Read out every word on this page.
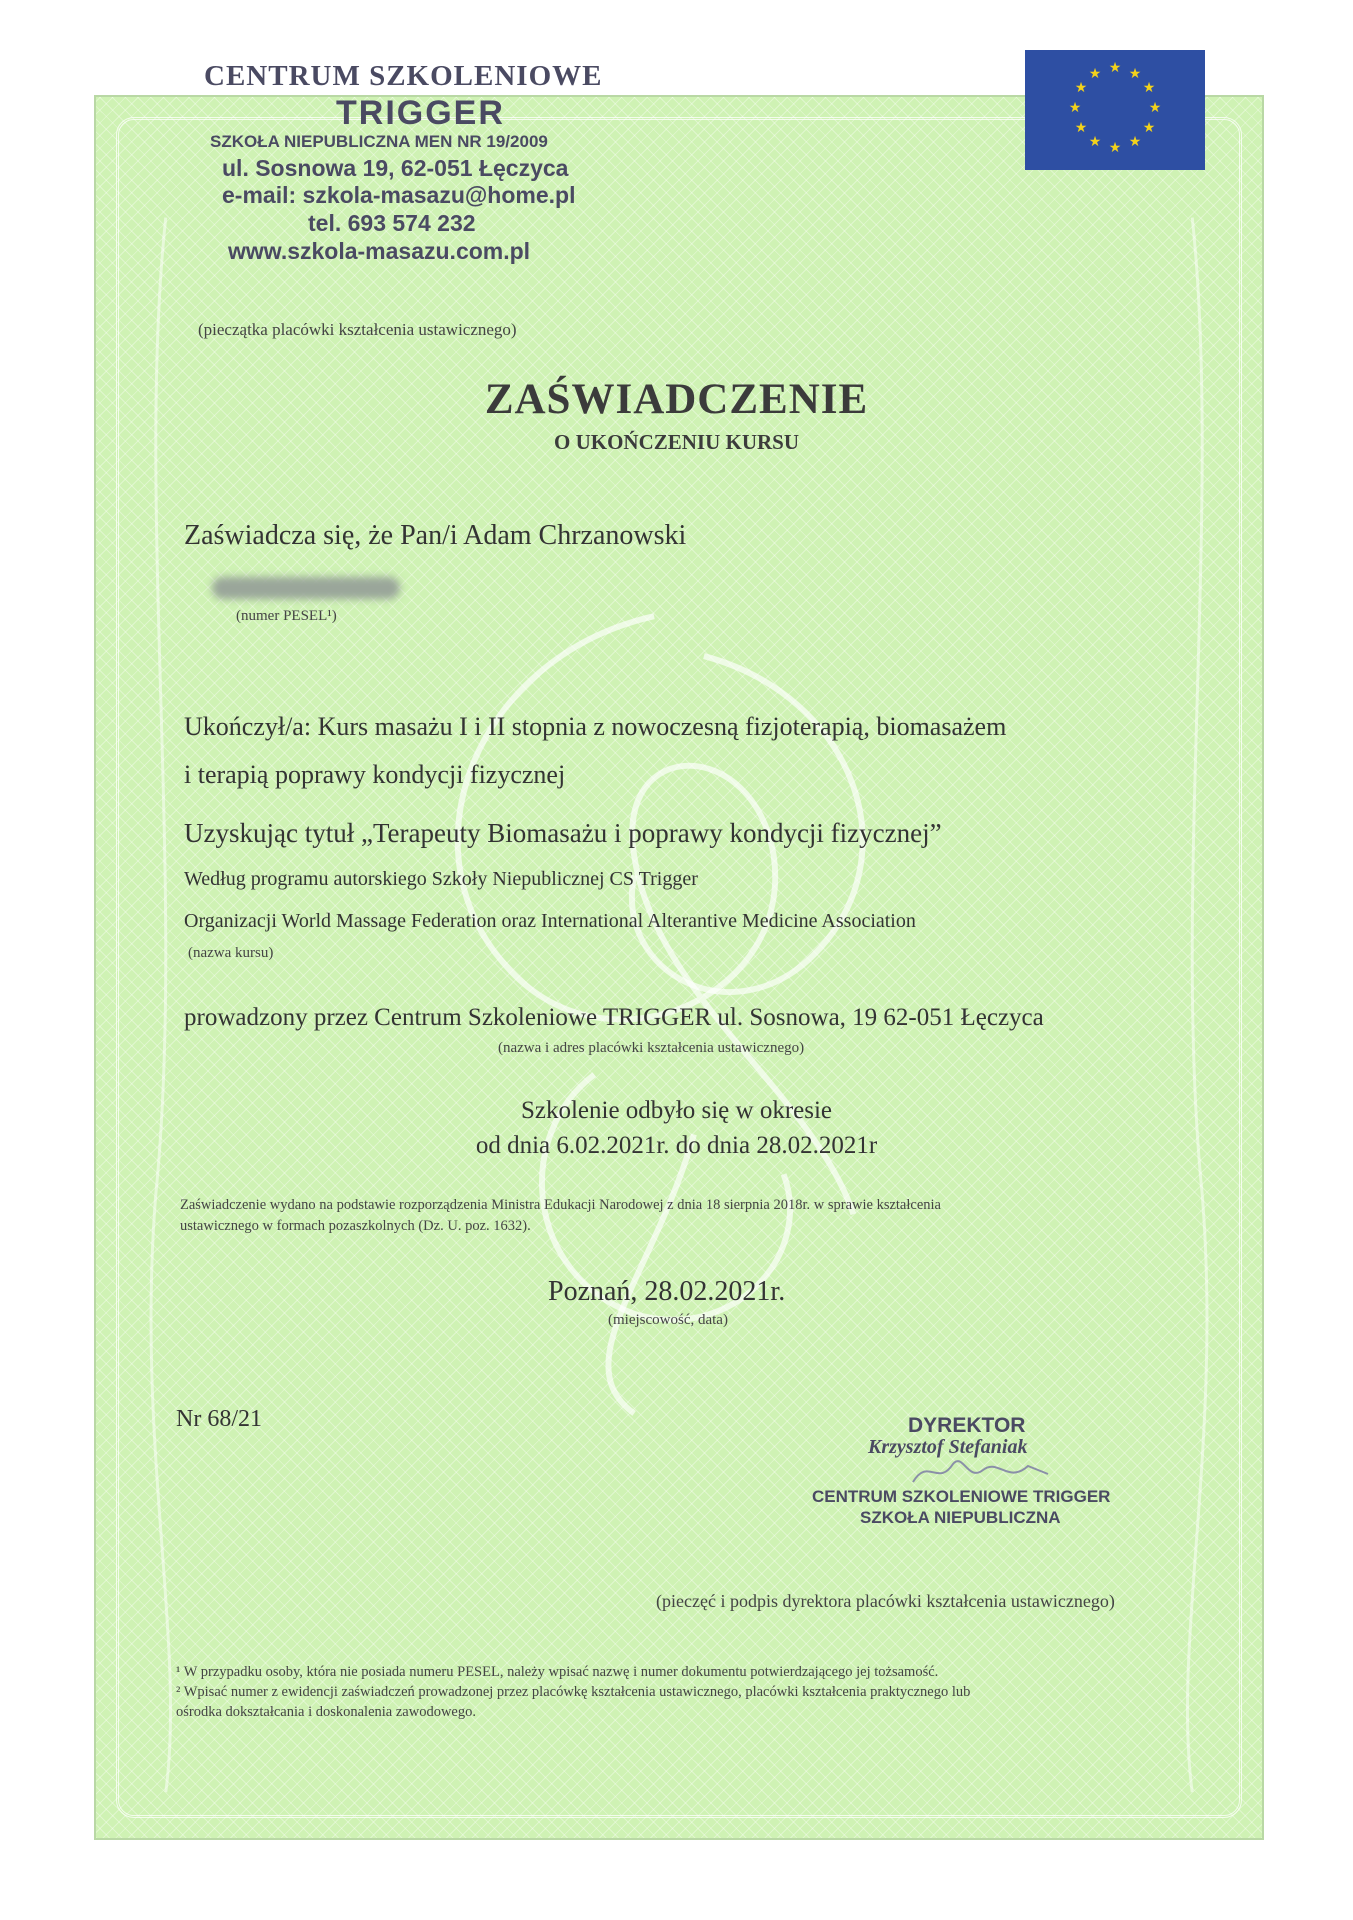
★ ★
★
★
★
★
★
★
★
★
★
★
CENTRUM SZKOLENIOWE
TRIGGER
SZKOŁA NIEPUBLICZNA MEN NR 19/2009
ul. Sosnowa 19, 62-051 Łęczyca
e-mail: szkola-masazu@home.pl
tel. 693 574 232
www.szkola-masazu.com.pl
(pieczątka placówki kształcenia ustawicznego)
ZAŚWIADCZENIE
O UKOŃCZENIU KURSU
Zaświadcza się, że Pan/i Adam Chrzanowski
(numer PESEL¹)
Ukończył/a: Kurs masażu I i II stopnia z nowoczesną fizjoterapią, biomasażem
i terapią poprawy kondycji fizycznej
Uzyskując tytuł „Terapeuty Biomasażu i poprawy kondycji fizycznej”
Według programu autorskiego Szkoły Niepublicznej CS Trigger
Organizacji World Massage Federation oraz International Alterantive Medicine Association
(nazwa kursu)
prowadzony przez Centrum Szkoleniowe TRIGGER ul. Sosnowa, 19 62-051 Łęczyca
(nazwa i adres placówki kształcenia ustawicznego)
Szkolenie odbyło się w okresie
od dnia 6.02.2021r. do dnia 28.02.2021r
Zaświadczenie wydano na podstawie rozporządzenia Ministra Edukacji Narodowej z dnia 18 sierpnia 2018r. w sprawie kształcenia
ustawicznego w formach pozaszkolnych (Dz. U. poz. 1632).
Poznań, 28.02.2021r.
(miejscowość, data)
Nr 68/21	DYREKTOR
Krzysztof Stefaniak
CENTRUM SZKOLENIOWE TRIGGER
SZKOŁA NIEPUBLICZNA
(pieczęć i podpis dyrektora placówki kształcenia ustawicznego)
¹ W przypadku osoby, która nie posiada numeru PESEL, należy wpisać nazwę i numer dokumentu potwierdzającego jej tożsamość.
² Wpisać numer z ewidencji zaświadczeń prowadzonej przez placówkę kształcenia ustawicznego, placówki kształcenia praktycznego lub
ośrodka dokształcania i doskonalenia zawodowego.
